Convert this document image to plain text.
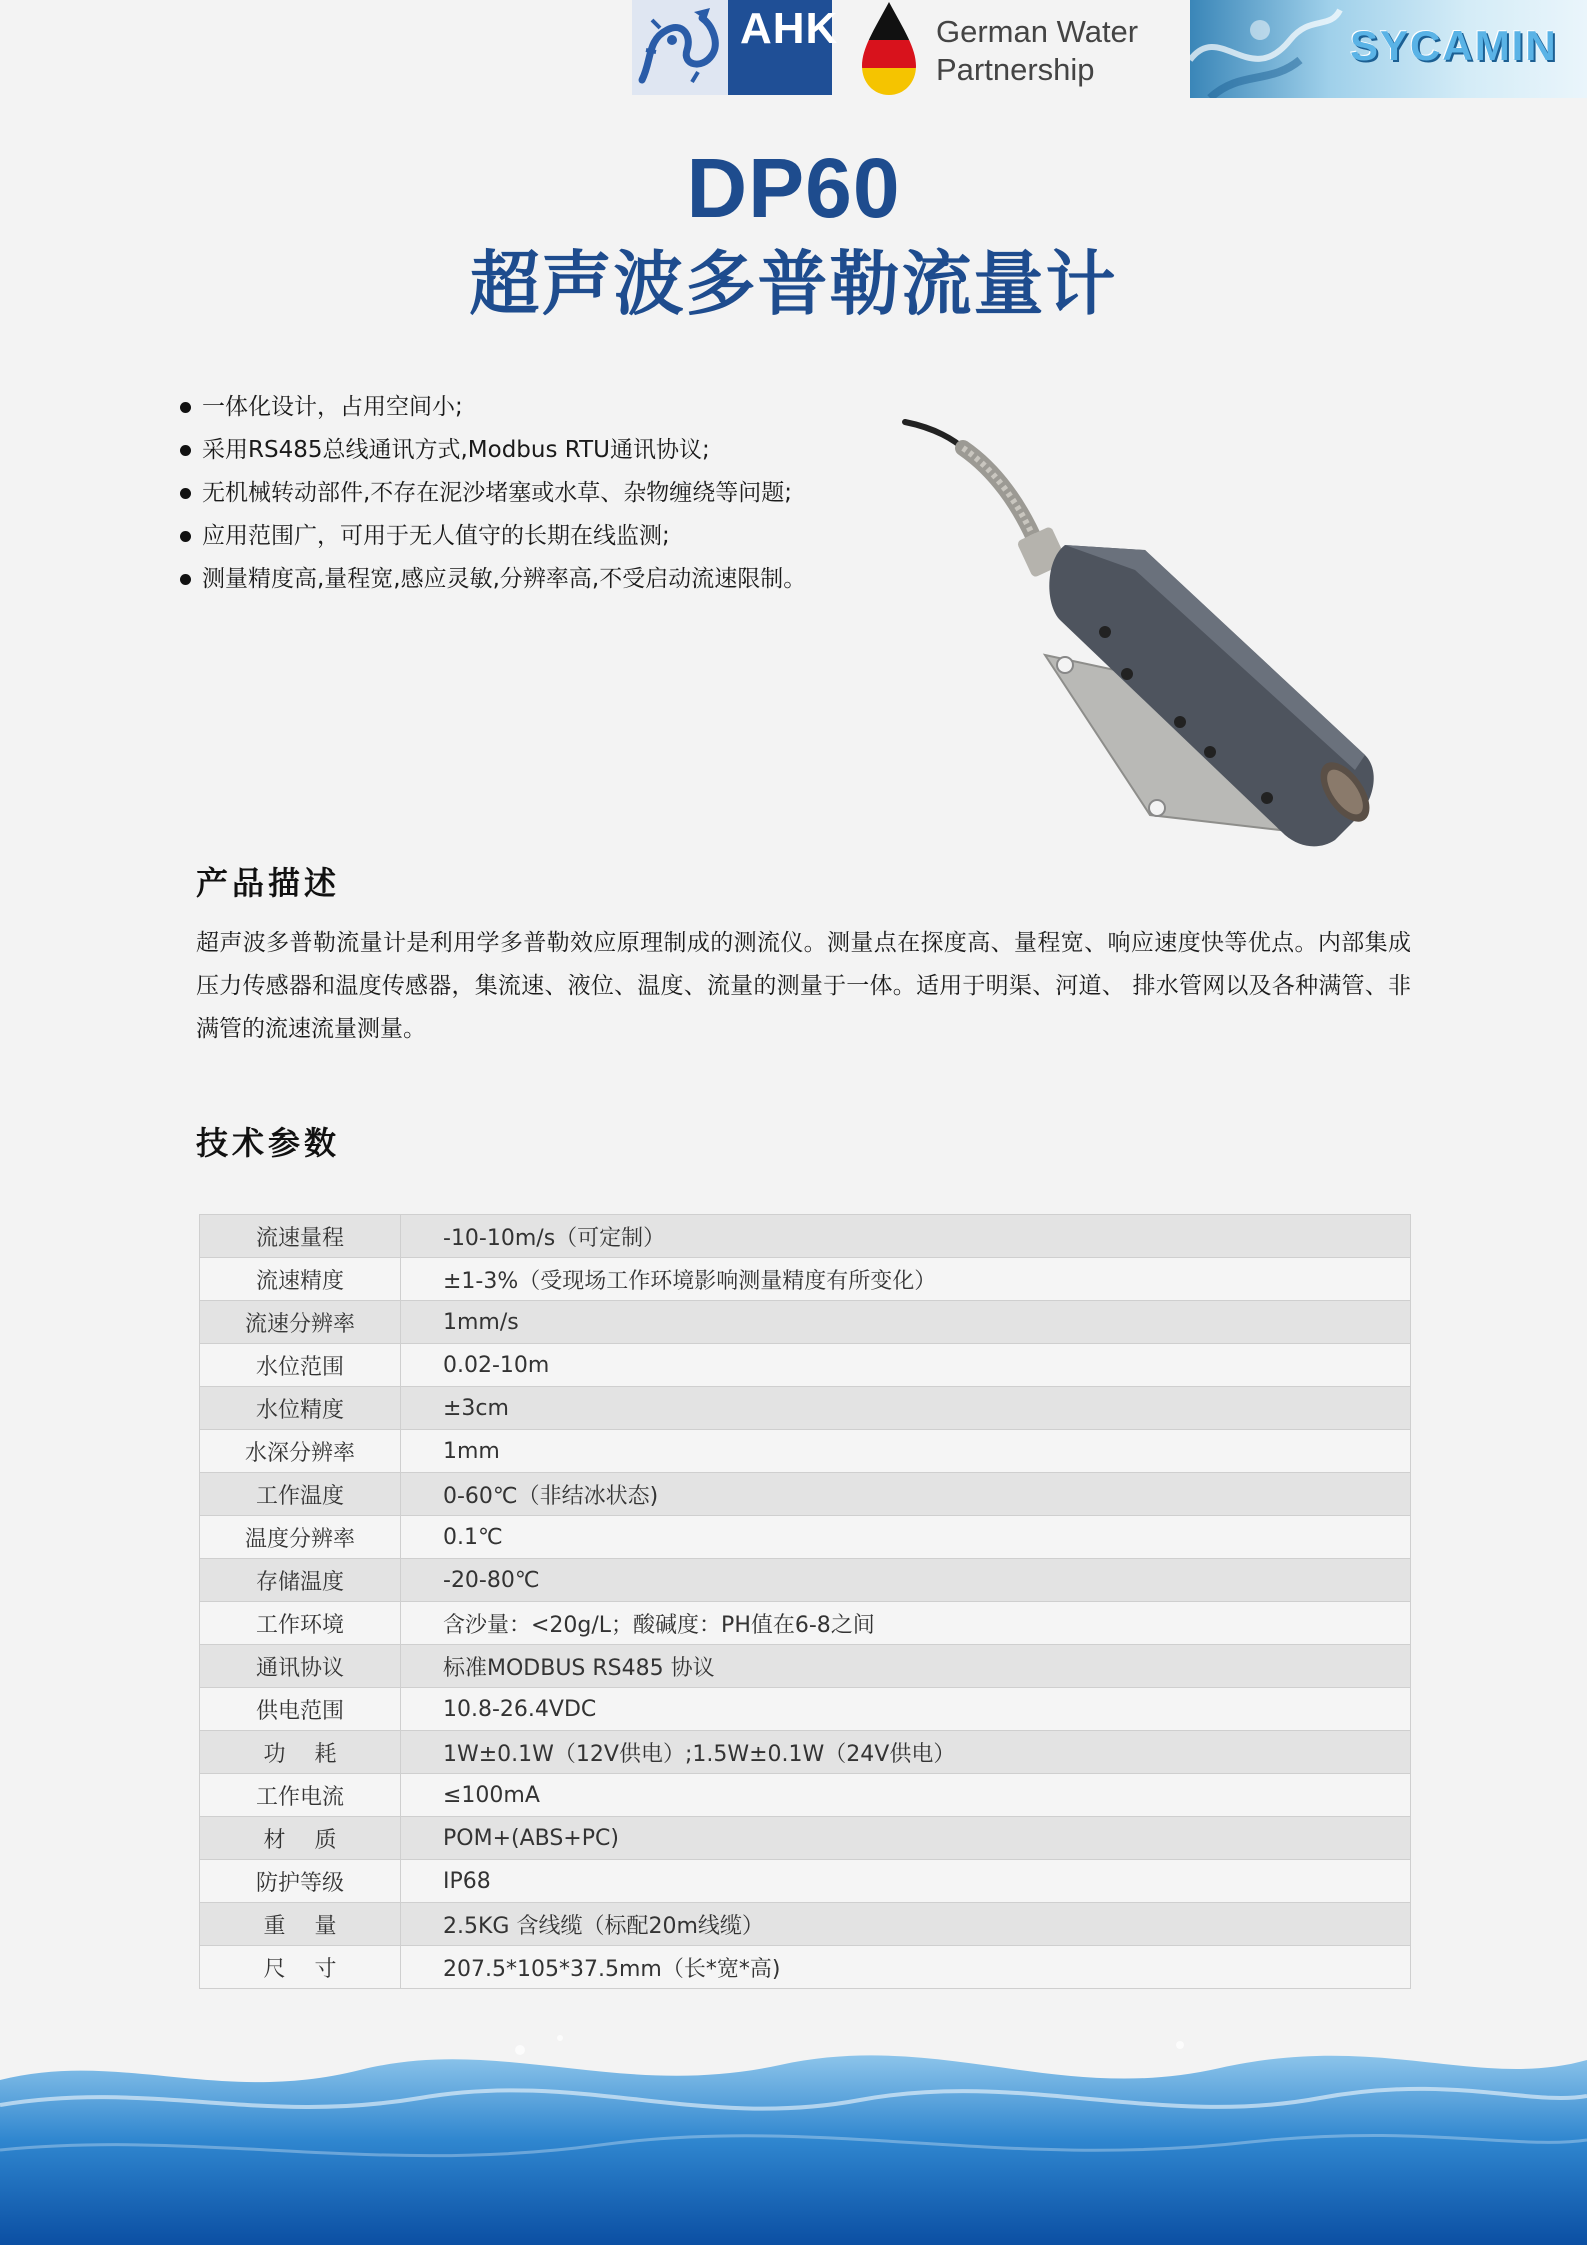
AHK	German Water
Partnership
SYCAMIN
DP60
超声波多普勒流量计
一体化设计，占用空间小;
采用RS485总线通讯方式,Modbus RTU通讯协议;
无机械转动部件,不存在泥沙堵塞或水草、杂物缠绕等问题;
应用范围广，可用于无人值守的长期在线监测;
测量精度高,量程宽,感应灵敏,分辨率高,不受启动流速限制。
产品描述
超声波多普勒流量计是利用学多普勒效应原理制成的测流仪。测量点在探度高、量程宽、响应速度快等优点。内部集成压力传感器和温度传感器，集流速、液位、温度、流量的测量于一体。适用于明渠、河道、 排水管网以及各种满管、非满管的流速流量测量。
技术参数
流速量程	-10-10m/s（可定制）
流速精度	±1-3%（受现场工作环境影响测量精度有所变化）
流速分辨率	1mm/s
水位范围	0.02-10m
水位精度	±3cm
水深分辨率	1mm
工作温度	0-60℃（非结冰状态)
温度分辨率	0.1℃
存储温度	-20-80℃
工作环境	含沙量：<20g/L；酸碱度：PH值在6-8之间
通讯协议	标准MODBUS RS485 协议
供电范围	10.8-26.4VDC
功　 耗	1W±0.1W（12V供电）;1.5W±0.1W（24V供电）
工作电流	≤100mA
材　 质	POM+(ABS+PC)
防护等级	IP68
重　 量	2.5KG 含线缆（标配20m线缆）
尺　 寸	207.5*105*37.5mm（长*宽*高)
